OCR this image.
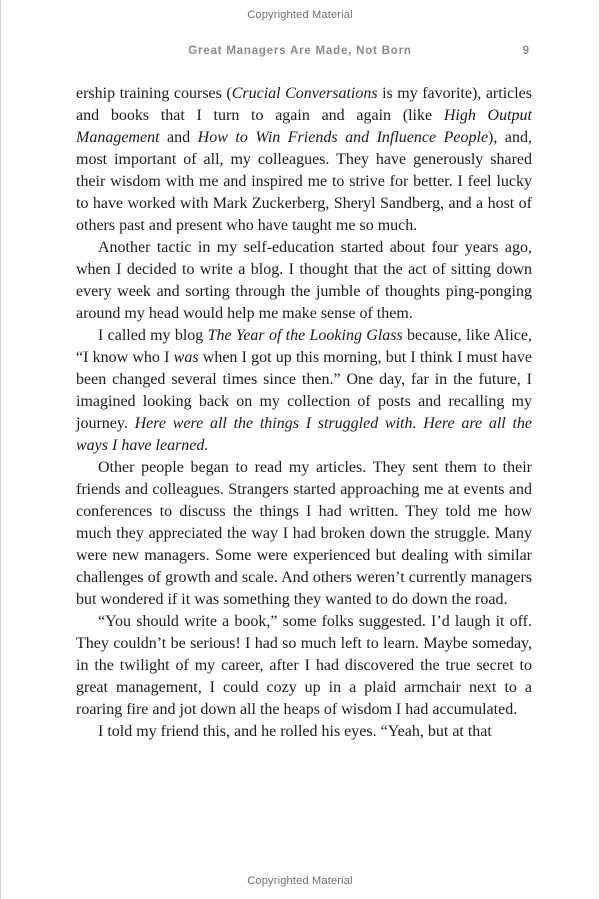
Copyrighted Material
Great Managers Are Made, Not Born	9

ership training courses (Crucial Conversations is my favorite), articles and books that I turn to again and again (like High Output Management and How to Win Friends and Influence People), and, most important of all, my colleagues. They have generously shared their wisdom with me and inspired me to strive for better. I feel lucky to have worked with Mark Zuckerberg, Sheryl Sandberg, and a host of others past and present who have taught me so much.

Another tactic in my self-education started about four years ago, when I decided to write a blog. I thought that the act of sitting down every week and sorting through the jumble of thoughts ping-ponging around my head would help me make sense of them.

I called my blog The Year of the Looking Glass because, like Alice, “I know who I was when I got up this morning, but I think I must have been changed several times since then.” One day, far in the future, I imagined looking back on my collection of posts and recalling my journey. Here were all the things I struggled with. Here are all the ways I have learned.

Other people began to read my articles. They sent them to their friends and colleagues. Strangers started approaching me at events and conferences to discuss the things I had written. They told me how much they appreciated the way I had broken down the struggle. Many were new managers. Some were experienced but dealing with similar challenges of growth and scale. And others weren’t currently managers but wondered if it was something they wanted to do down the road.

“You should write a book,” some folks suggested. I’d laugh it off. They couldn’t be serious! I had so much left to learn. Maybe someday, in the twilight of my career, after I had discovered the true secret to great management, I could cozy up in a plaid armchair next to a roaring fire and jot down all the heaps of wisdom I had accumulated.

I told my friend this, and he rolled his eyes. “Yeah, but at that

Copyrighted Material
